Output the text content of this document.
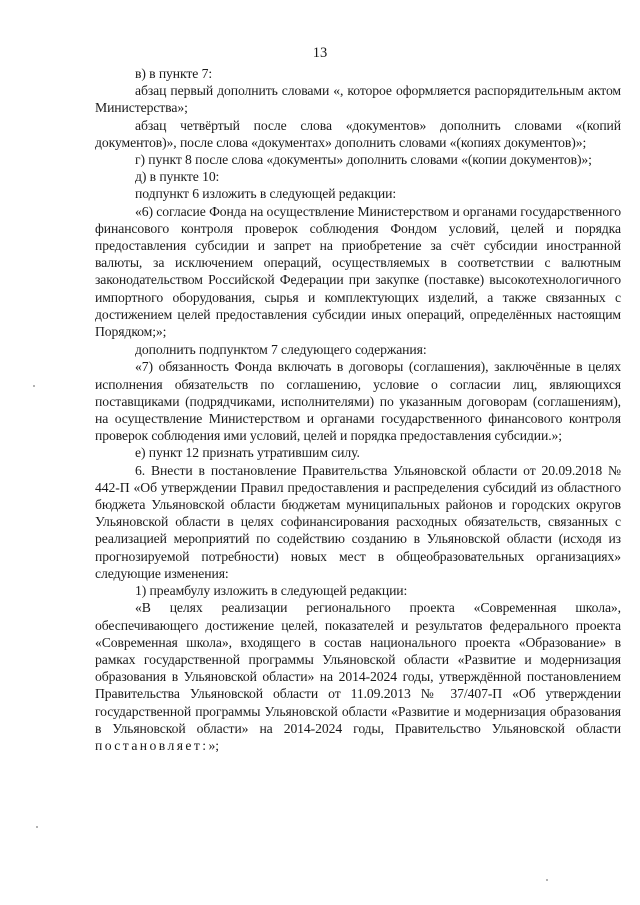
13

в) в пункте 7:

абзац первый дополнить словами «, которое оформляется распорядительным актом Министерства»;

абзац четвёртый после слова «документов» дополнить словами «(копий документов)», после слова «документах» дополнить словами «(копиях документов)»;

г) пункт 8 после слова «документы» дополнить словами «(копии документов)»;

д) в пункте 10:

подпункт 6 изложить в следующей редакции:

«6) согласие Фонда на осуществление Министерством и органами государственного финансового контроля проверок соблюдения Фондом условий, целей и порядка предоставления субсидии и запрет на приобретение за счёт субсидии иностранной валюты, за исключением операций, осуществляемых в соответствии с валютным законодательством Российской Федерации при закупке (поставке) высокотехнологичного импортного оборудования, сырья и комплектующих изделий, а также связанных с достижением целей предоставления субсидии иных операций, определённых настоящим Порядком;»;

дополнить подпунктом 7 следующего содержания:

«7) обязанность Фонда включать в договоры (соглашения), заключённые в целях исполнения обязательств по соглашению, условие о согласии лиц, являющихся поставщиками (подрядчиками, исполнителями) по указанным договорам (соглашениям), на осуществление Министерством и органами государственного финансового контроля проверок соблюдения ими условий, целей и порядка предоставления субсидии.»;

е) пункт 12 признать утратившим силу.

6. Внести в постановление Правительства Ульяновской области от 20.09.2018 № 442-П «Об утверждении Правил предоставления и распределения субсидий из областного бюджета Ульяновской области бюджетам муниципальных районов и городских округов Ульяновской области в целях софинансирования расходных обязательств, связанных с реализацией мероприятий по содействию созданию в Ульяновской области (исходя из прогнозируемой потребности) новых мест в общеобразовательных организациях» следующие изменения:

1) преамбулу изложить в следующей редакции:

«В целях реализации регионального проекта «Современная школа», обеспечивающего достижение целей, показателей и результатов федерального проекта «Современная школа», входящего в состав национального проекта «Образование» в рамках государственной программы Ульяновской области «Развитие и модернизация образования в Ульяновской области» на 2014-2024 годы, утверждённой постановлением Правительства Ульяновской области от 11.09.2013 № 37/407-П «Об утверждении государственной программы Ульяновской области «Развитие и модернизация образования в Ульяновской области» на 2014-2024 годы, Правительство Ульяновской области постановляет:»;
